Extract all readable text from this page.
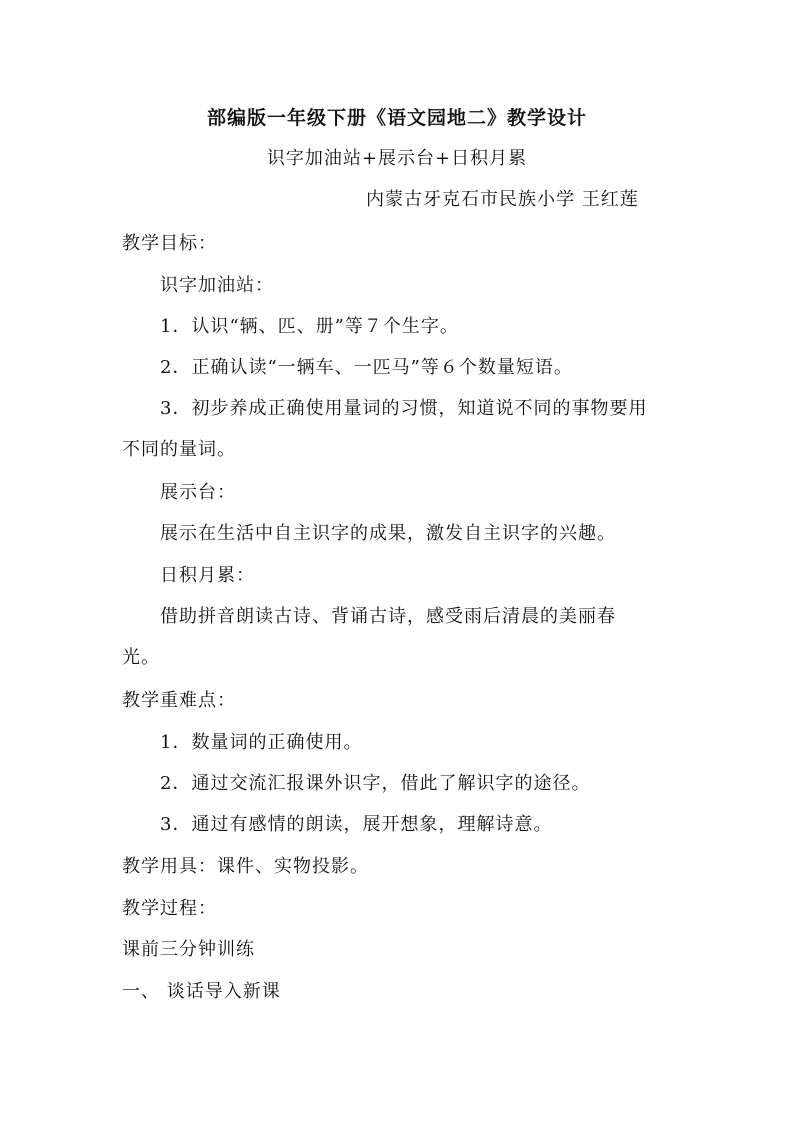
部编版一年级下册《语文园地二》教学设计
识字加油站+展示台+日积月累
内蒙古牙克石市民族小学 王红莲
教学目标：
识字加油站：
1．认识“辆、匹、册”等７个生字。
2．正确认读“一辆车、一匹马”等６个数量短语。
3．初步养成正确使用量词的习惯，知道说不同的事物要用
不同的量词。
展示台：
展示在生活中自主识字的成果，激发自主识字的兴趣。
日积月累：
借助拼音朗读古诗、背诵古诗，感受雨后清晨的美丽春
光。
教学重难点：
1．数量词的正确使用。
2．通过交流汇报课外识字，借此了解识字的途径。
3．通过有感情的朗读，展开想象，理解诗意。
教学用具：课件、实物投影。
教学过程：
课前三分钟训练
一、 谈话导入新课
